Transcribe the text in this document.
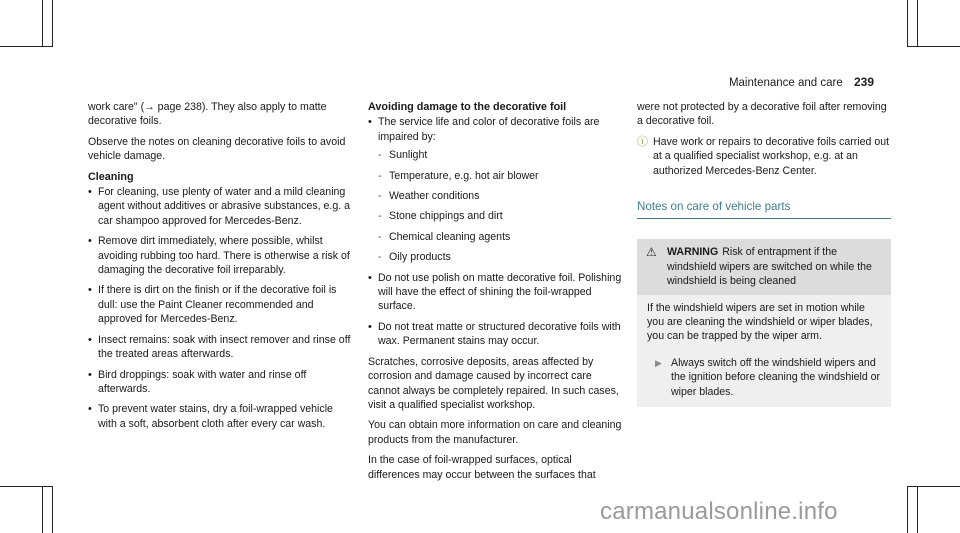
Maintenance and care 239

work care" (→ page 238). They also apply to matte decorative foils.

Observe the notes on cleaning decorative foils to avoid vehicle damage.

Cleaning
• For cleaning, use plenty of water and a mild cleaning agent without additives or abrasive substances, e.g. a car shampoo approved for Mercedes-Benz.
• Remove dirt immediately, where possible, whilst avoiding rubbing too hard. There is otherwise a risk of damaging the decorative foil irreparably.
• If there is dirt on the finish or if the decorative foil is dull: use the Paint Cleaner recommended and approved for Mercedes-Benz.
• Insect remains: soak with insect remover and rinse off the treated areas afterwards.
• Bird droppings: soak with water and rinse off afterwards.
• To prevent water stains, dry a foil-wrapped vehicle with a soft, absorbent cloth after every car wash.
Avoiding damage to the decorative foil
• The service life and color of decorative foils are impaired by:
- Sunlight
- Temperature, e.g. hot air blower
- Weather conditions
- Stone chippings and dirt
- Chemical cleaning agents
- Oily products
• Do not use polish on matte decorative foil. Polishing will have the effect of shining the foil-wrapped surface.
• Do not treat matte or structured decorative foils with wax. Permanent stains may occur.

Scratches, corrosive deposits, areas affected by corrosion and damage caused by incorrect care cannot always be completely repaired. In such cases, visit a qualified specialist workshop.

You can obtain more information on care and cleaning products from the manufacturer.

In the case of foil-wrapped surfaces, optical differences may occur between the surfaces that

were not protected by a decorative foil after removing a decorative foil.

ⓘ Have work or repairs to decorative foils carried out at a qualified specialist workshop, e.g. at an authorized Mercedes-Benz Center.
Notes on care of vehicle parts
⚠ WARNING Risk of entrapment if the windshield wipers are switched on while the windshield is being cleaned

If the windshield wipers are set in motion while you are cleaning the windshield or wiper blades, you can be trapped by the wiper arm.

▶ Always switch off the windshield wipers and the ignition before cleaning the windshield or wiper blades.
carmanualsonline.info
